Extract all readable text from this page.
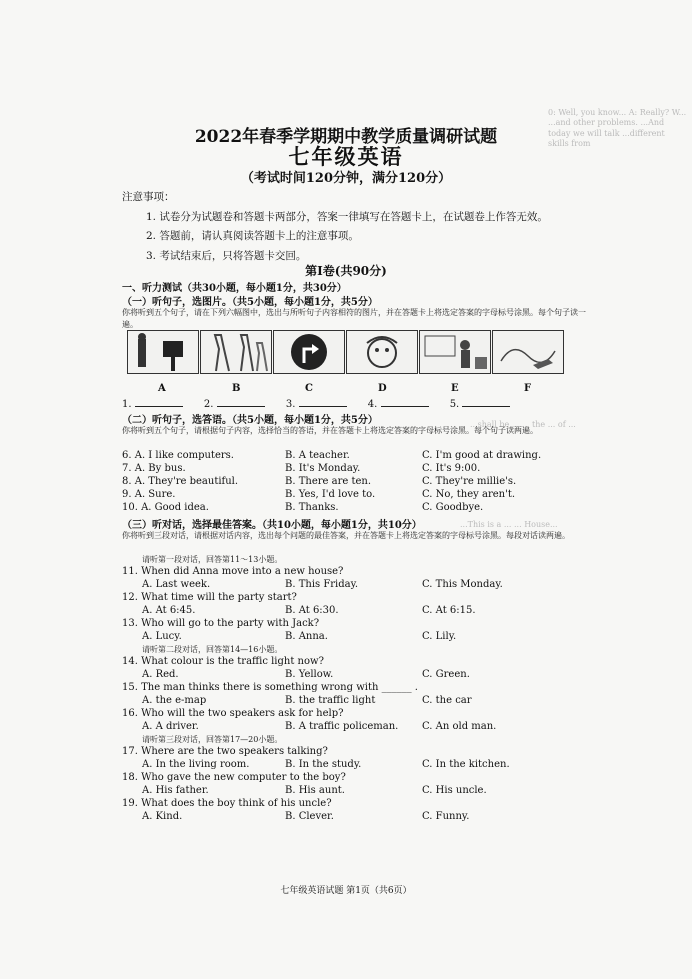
0: Well, you know... A: Really? W... ...and other problems. ...And today we will talk ...different skills from
...shall be ... ... the ... of ...
...This is a ... ... House...
2022年春季学期期中教学质量调研试题
七年级英语
（考试时间120分钟，满分120分）
注意事项：
1. 试卷分为试题卷和答题卡两部分，答案一律填写在答题卡上，在试题卷上作答无效。
2. 答题前，请认真阅读答题卡上的注意事项。
3. 考试结束后，只将答题卡交回。
第I卷(共90分)
一、听力测试（共30小题，每小题1分，共30分）
（一）听句子，选图片。（共5小题，每小题1分，共5分）
你将听到五个句子，请在下列六幅图中，选出与所听句子内容相符的图片，并在答题卡上将选定答案的字母标号涂黑。每个句子读一遍。
A	B	C	D	E	F
1.	2.	3.	4.	5.
（二）听句子，选答语。（共5小题，每小题1分，共5分）
你将听到五个句子，请根据句子内容，选择恰当的答语，并在答题卡上将选定答案的字母标号涂黑。每个句子读两遍。
6. A. I like computers.	B. A teacher.	C. I'm good at drawing.
7. A. By bus.	B. It's Monday.	C. It's 9:00.
8. A. They're beautiful.	B. There are ten.	C. They're millie's.
9. A. Sure.	B. Yes, I'd love to.	C. No, they aren't.
10. A. Good idea.	B. Thanks.	C. Goodbye.
（三）听对话，选择最佳答案。（共10小题，每小题1分，共10分）
你将听到三段对话，请根据对话内容，选出每个问题的最佳答案，并在答题卡上将选定答案的字母标号涂黑。每段对话读两遍。
请听第一段对话，回答第11～13小题。
11. When did Anna move into a new house?
A. Last week.	B. This Friday.	C. This Monday.
12. What time will the party start?
A. At 6:45.	B. At 6:30.	C. At 6:15.
13. Who will go to the party with Jack?
A. Lucy.	B. Anna.	C. Lily.
请听第二段对话，回答第14—16小题。
14. What colour is the traffic light now?
A. Red.	B. Yellow.	C. Green.
15. The man thinks there is something wrong with ______ .
A. the e-map	B. the traffic light	C. the car
16. Who will the two speakers ask for help?
A. A driver.	B. A traffic policeman. C. An old man.
请听第三段对话，回答第17—20小题。
17. Where are the two speakers talking?
A. In the living room.	B. In the study.	C. In the kitchen.
18. Who gave the new computer to the boy?
A. His father.	B. His aunt.	C. His uncle.
19. What does the boy think of his uncle?
A. Kind.	B. Clever.	C. Funny.
七年级英语试题 第1页（共6页）
